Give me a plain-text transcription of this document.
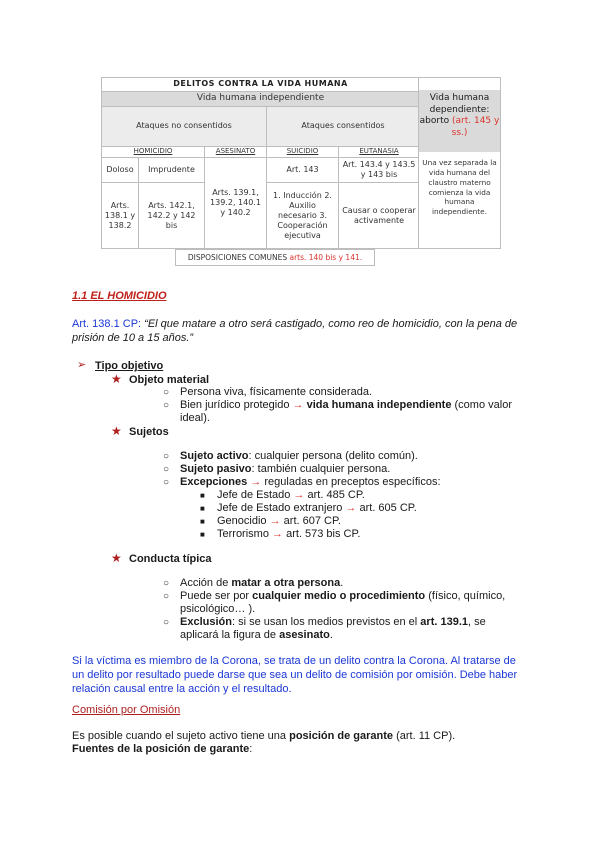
DELITOS CONTRA LA VIDA HUMANA				
Vida humana independiente				
Ataques no consentidos			Ataques consentidos	
HOMICIDIO		ASESINATO	SUICIDIO	EUTANASIA
Doloso	Imprudente	Arts. 139.1, 139.2, 140.1 y 140.2	Art. 143	Art. 143.4 y 143.5 y 143 bis
Arts. 138.1 y 138.2	Arts. 142.1, 142.2 y 142 bis		1. Inducción 2. Auxilio necesario 3. Cooperación ejecutiva	Causar o cooperar activamente
Vida humana
dependiente:
aborto (art. 145 y ss.)
Una vez separada la vida humana del claustro materno comienza la vida humana independiente.
DISPOSICIONES COMUNES arts. 140 bis y 141.
1.1 EL HOMICIDIO
Art. 138.1 CP: “El que matare a otro será castigado, como reo de homicidio, con la pena de
prisión de 10 a 15 años.”
➢ Tipo objetivo
★ Objeto material
○ Persona viva, físicamente considerada.
○ Bien jurídico protegido → vida humana independiente (como valor
ideal).
★ Sujetos
○ Sujeto activo: cualquier persona (delito común).
○ Sujeto pasivo: también cualquier persona.
○ Excepciones → reguladas en preceptos específicos:
■ Jefe de Estado → art. 485 CP.
■ Jefe de Estado extranjero → art. 605 CP.
■ Genocidio → art. 607 CP.
■ Terrorismo → art. 573 bis CP.
★ Conducta típica
○ Acción de matar a otra persona.
○ Puede ser por cualquier medio o procedimiento (físico, químico,
psicológico… ).
○ Exclusión: si se usan los medios previstos en el art. 139.1, se
aplicará la figura de asesinato.
Si la víctima es miembro de la Corona, se trata de un delito contra la Corona. Al tratarse de
un delito por resultado puede darse que sea un delito de comisión por omisión. Debe haber
relación causal entre la acción y el resultado.
Comisión por Omisión
Es posible cuando el sujeto activo tiene una posición de garante (art. 11 CP).
Fuentes de la posición de garante:
